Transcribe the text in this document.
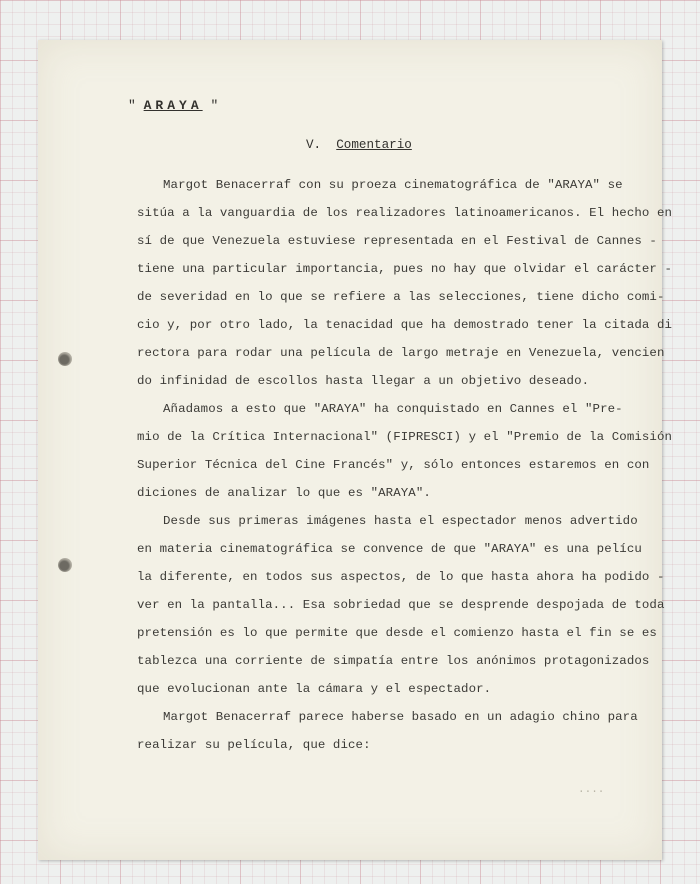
" ARAYA "
V. Comentario
Margot Benacerraf con su proeza cinematográfica de "ARAYA" se
sitúa a la vanguardia de los realizadores latinoamericanos. El hecho en
sí de que Venezuela estuviese representada en el Festival de Cannes -
tiene una particular importancia, pues no hay que olvidar el carácter -
de severidad en lo que se refiere a las selecciones, tiene dicho comi-
cio y, por otro lado, la tenacidad que ha demostrado tener la citada di
rectora para rodar una película de largo metraje en Venezuela, vencien
do infinidad de escollos hasta llegar a un objetivo deseado.
Añadamos a esto que "ARAYA" ha conquistado en Cannes el "Pre-
mio de la Crítica Internacional" (FIPRESCI) y el "Premio de la Comisión
Superior Técnica del Cine Francés" y, sólo entonces estaremos en con
diciones de analizar lo que es "ARAYA".
Desde sus primeras imágenes hasta el espectador menos advertido
en materia cinematográfica se convence de que "ARAYA" es una pelícu
la diferente, en todos sus aspectos, de lo que hasta ahora ha podido -
ver en la pantalla... Esa sobriedad que se desprende despojada de toda
pretensión es lo que permite que desde el comienzo hasta el fin se es
tablezca una corriente de simpatía entre los anónimos protagonizados
que evolucionan ante la cámara y el espectador.
Margot Benacerraf parece haberse basado en un adagio chino para
realizar su película, que dice:
....
